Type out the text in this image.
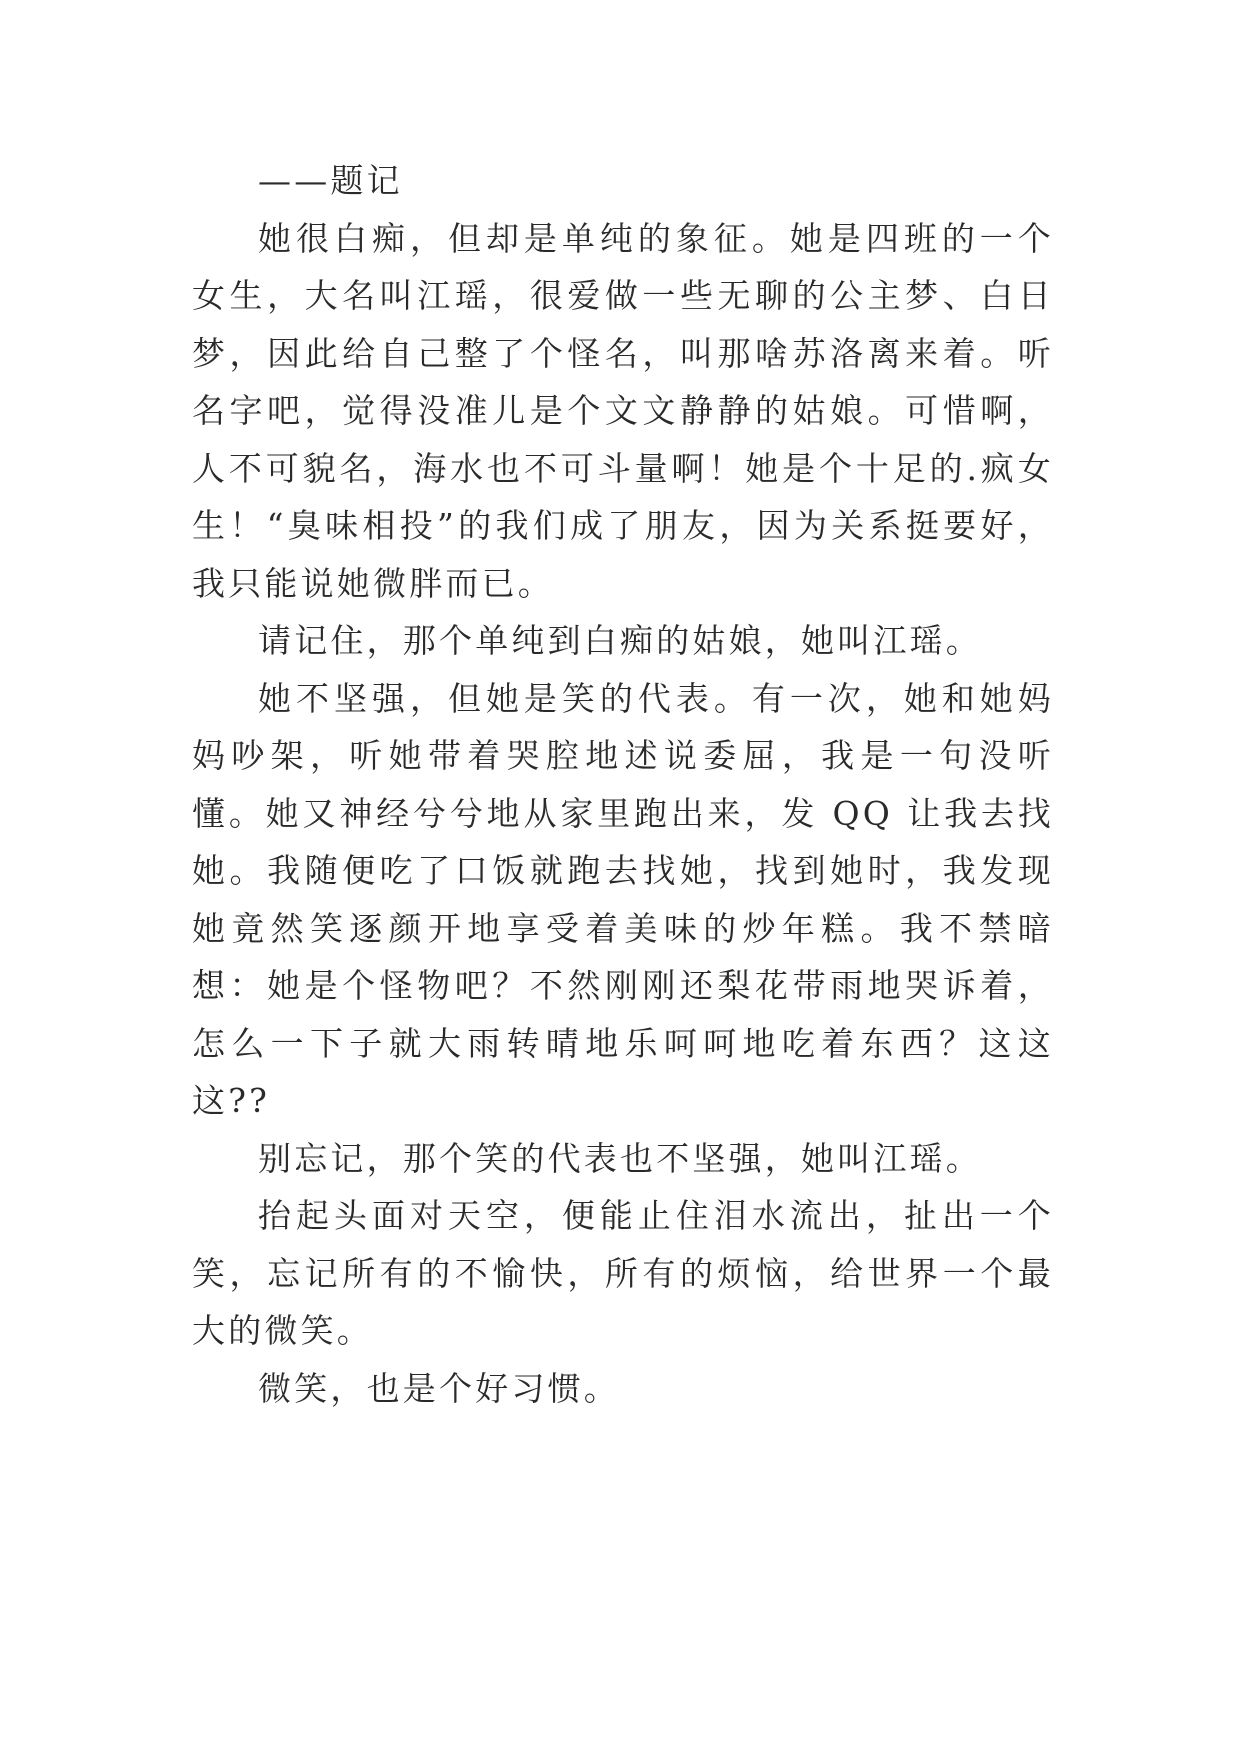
——题记

她很白痴，但却是单纯的象征。她是四班的一个女生，大名叫江瑶，很爱做一些无聊的公主梦、白日梦，因此给自己整了个怪名，叫那啥苏洛离来着。听名字吧，觉得没准儿是个文文静静的姑娘。可惜啊，人不可貌名，海水也不可斗量啊！她是个十足的.疯女生！“臭味相投”的我们成了朋友，因为关系挺要好，我只能说她微胖而已。

请记住，那个单纯到白痴的姑娘，她叫江瑶。

她不坚强，但她是笑的代表。有一次，她和她妈妈吵架，听她带着哭腔地述说委屈，我是一句没听懂。她又神经兮兮地从家里跑出来，发 QQ 让我去找她。我随便吃了口饭就跑去找她，找到她时，我发现她竟然笑逐颜开地享受着美味的炒年糕。我不禁暗想：她是个怪物吧？不然刚刚还梨花带雨地哭诉着，怎么一下子就大雨转晴地乐呵呵地吃着东西？这这这??

别忘记，那个笑的代表也不坚强，她叫江瑶。

抬起头面对天空，便能止住泪水流出，扯出一个笑，忘记所有的不愉快，所有的烦恼，给世界一个最大的微笑。

微笑，也是个好习惯。
